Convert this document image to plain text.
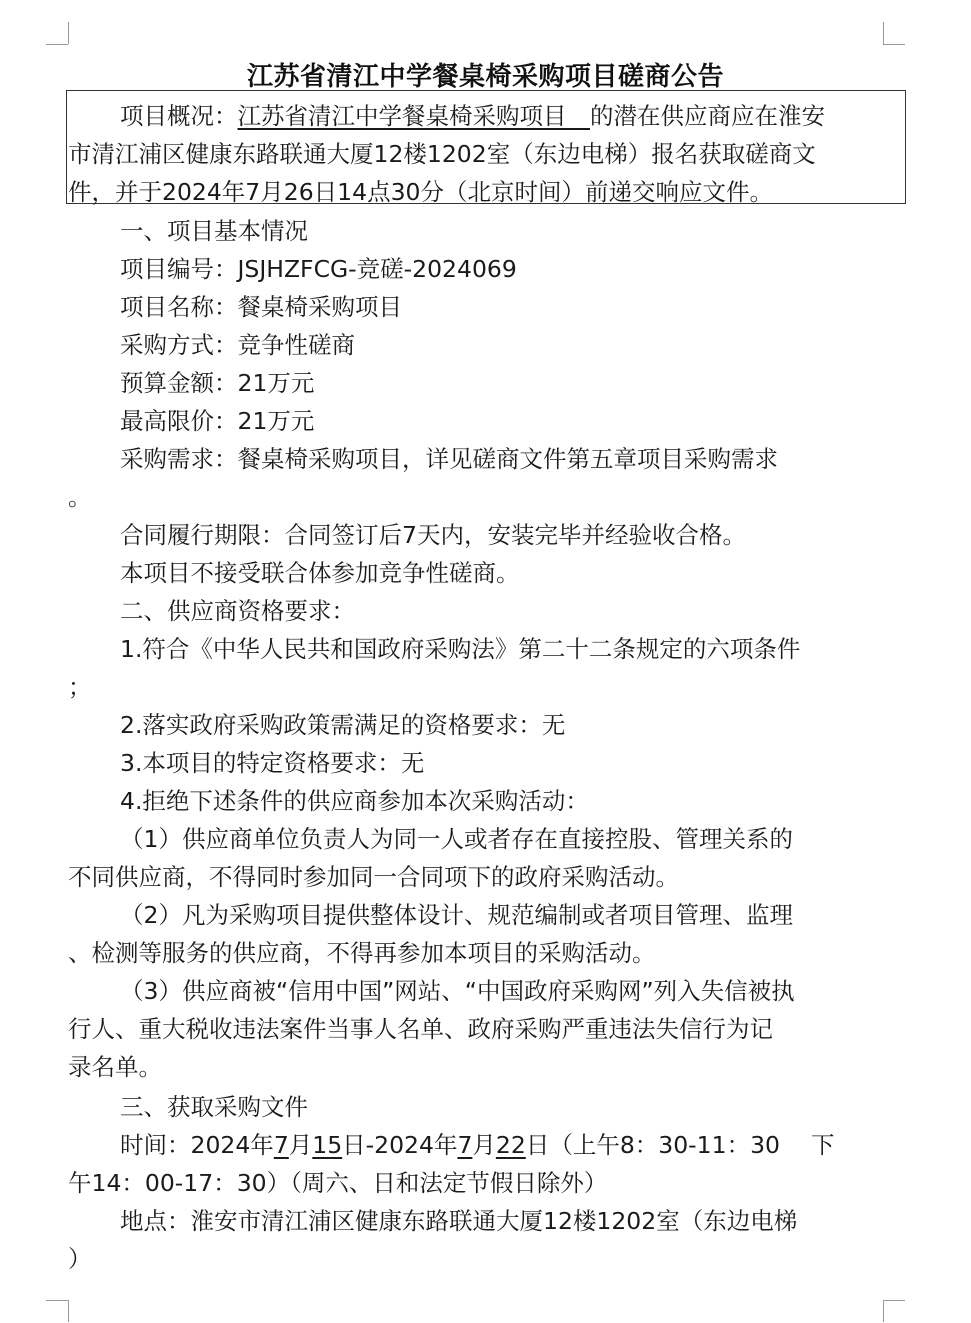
江苏省清江中学餐桌椅采购项目磋商公告
项目概况：江苏省清江中学餐桌椅采购项目　 的潜在供应商应在淮安
市清江浦区健康东路联通大厦12楼1202室（东边电梯）报名获取磋商文
件，并于2024年7月26日14点30分（北京时间）前递交响应文件。
一、项目基本情况
项目编号：JSJHZFCG-竞磋-2024069
项目名称：餐桌椅采购项目
采购方式：竞争性磋商
预算金额：21万元
最高限价：21万元
采购需求：餐桌椅采购项目，详见磋商文件第五章项目采购需求
。
合同履行期限：合同签订后7天内，安装完毕并经验收合格。
本项目不接受联合体参加竞争性磋商。
二、供应商资格要求：
1.符合《中华人民共和国政府采购法》第二十二条规定的六项条件
；
2.落实政府采购政策需满足的资格要求：无
3.本项目的特定资格要求：无
4.拒绝下述条件的供应商参加本次采购活动：
（1）供应商单位负责人为同一人或者存在直接控股、管理关系的
不同供应商，不得同时参加同一合同项下的政府采购活动。
（2）凡为采购项目提供整体设计、规范编制或者项目管理、监理
、检测等服务的供应商，不得再参加本项目的采购活动。
（3）供应商被“信用中国”网站、“中国政府采购网”列入失信被执
行人、重大税收违法案件当事人名单、政府采购严重违法失信行为记
录名单。
三、获取采购文件
时间：2024年7月15日-2024年7月22日（上午8：30-11：30　 下
午14：00-17：30）（周六、日和法定节假日除外）
地点：淮安市清江浦区健康东路联通大厦12楼1202室（东边电梯
）
